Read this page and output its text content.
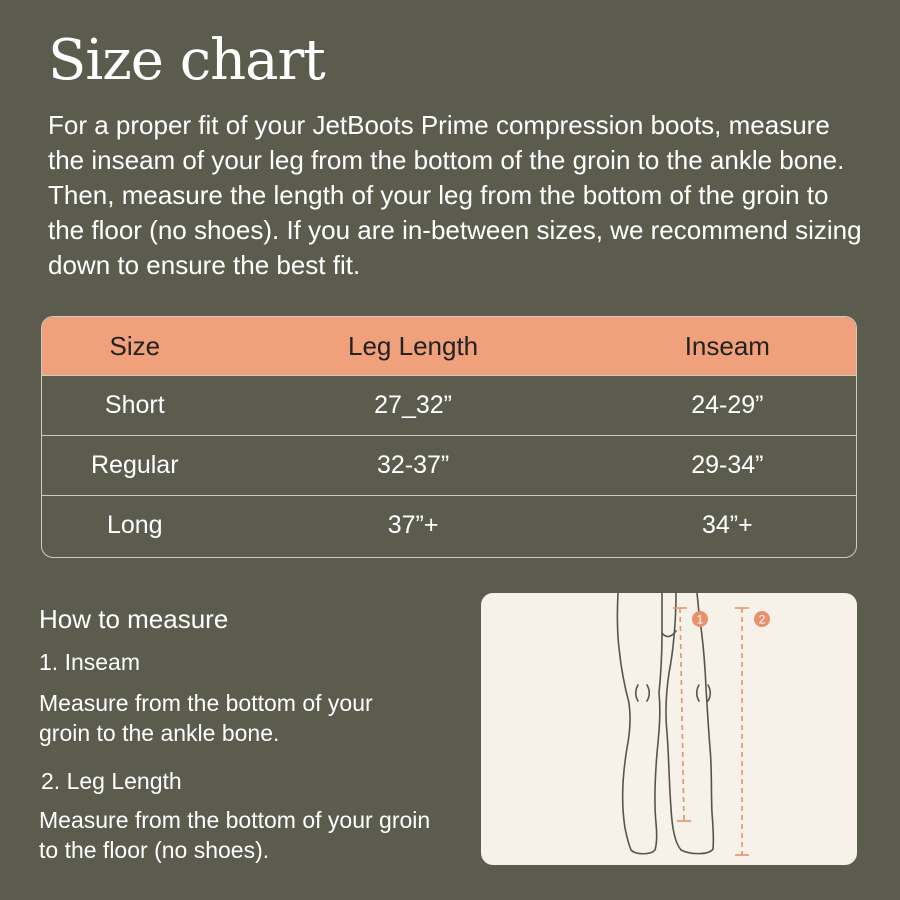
Size chart

For a proper fit of your JetBoots Prime compression boots, measure the inseam of your leg from the bottom of the groin to the ankle bone. Then, measure the length of your leg from the bottom of the groin to the floor (no shoes). If you are in-between sizes, we recommend sizing down to ensure the best fit.

Size	Leg Length	Inseam
Short	27_32”	24-29”
Regular	32-37”	29-34”
Long	37”+	34”+
How to measure
1. Inseam

Measure from the bottom of your groin to the ankle bone.

2. Leg Length

Measure from the bottom of your groin to the floor (no shoes).

1	2
